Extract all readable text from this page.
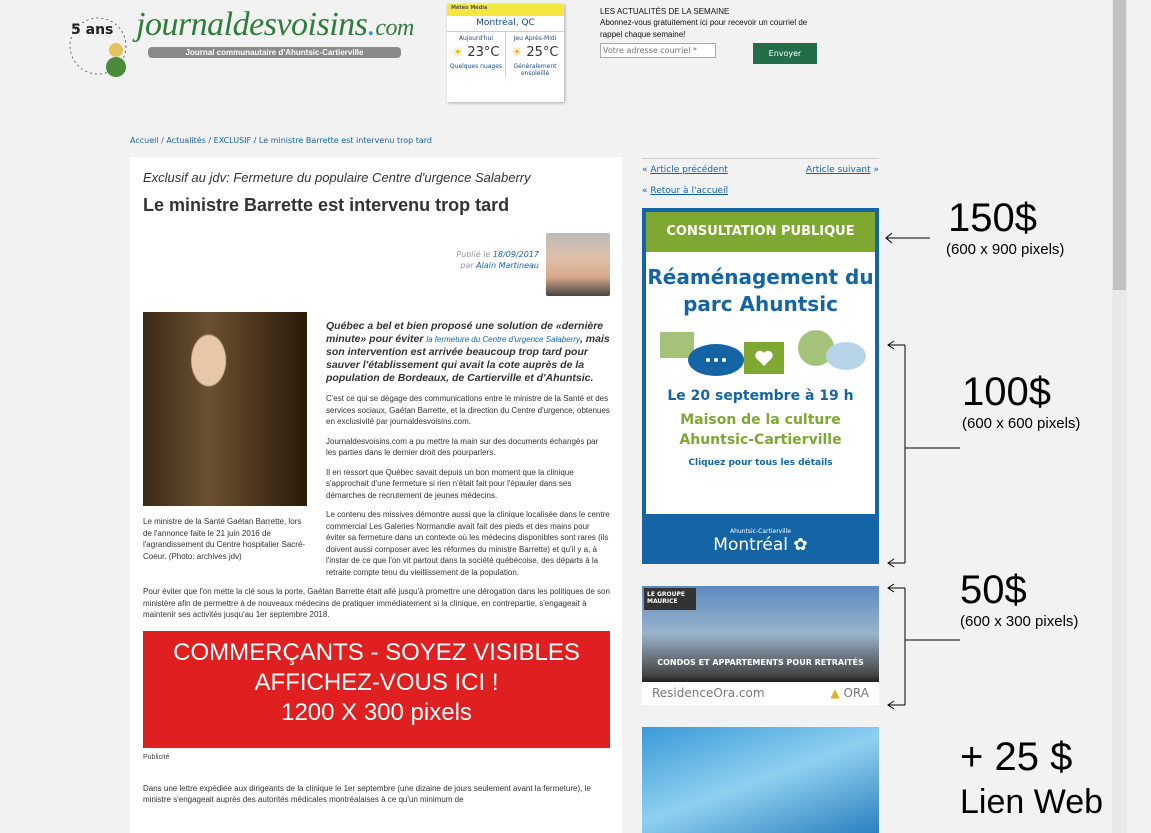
5 ans journaldesvoisins.com
Journal communautaire d'Ahuntsic-Cartierville
Météo Média
Montréal, QC
Aujourd'hui
☀ 23°C
Quelques nuages
Jeu Après-Midi
☀ 25°C
Généralement ensoleillé
LES ACTUALITÉS DE LA SEMAINE
Abonnez-vous gratuitement ici pour recevoir un courriel de rappel chaque semaine!
Votre adresse courriel *
Envoyer
Accueil / Actualités / EXCLUSIF / Le ministre Barrette est intervenu trop tard
Exclusif au jdv: Fermeture du populaire Centre d'urgence Salaberry
Le ministre Barrette est intervenu trop tard
Publié le 18/09/2017
par Alain Martineau
Le ministre de la Santé Gaétan Barrette, lors de l'annonce faite le 21 juin 2016 de l'agrandissement du Centre hospitalier Sacré-Coeur. (Photo: archives jdv)
Québec a bel et bien proposé une solution de «dernière minute» pour éviter la fermeture du Centre d'urgence Salaberry, mais son intervention est arrivée beaucoup trop tard pour sauver l'établissement qui avait la cote auprès de la population de Bordeaux, de Cartierville et d'Ahuntsic.

C'est ce qui se dégage des communications entre le ministre de la Santé et des services sociaux, Gaétan Barrette, et la direction du Centre d'urgence, obtenues en exclusivité par journaldesvoisins.com.

Journaldesvoisins.com a pu mettre la main sur des documents échangés par les parties dans le dernier droit des pourparlers.

Il en ressort que Québec savait depuis un bon moment que la clinique s'approchait d'une fermeture si rien n'était fait pour l'épauler dans ses démarches de recrutement de jeunes médecins.

Le contenu des missives démontre aussi que la clinique localisée dans le centre commercial Les Galeries Normandie avait fait des pieds et des mains pour éviter sa fermeture dans un contexte où les médecins disponibles sont rares (ils doivent aussi composer avec les réformes du ministre Barrette) et qu'il y a, à l'instar de ce que l'on vit partout dans la société québécoise, des départs à la retraite compte tenu du vieillissement de la population.

Pour éviter que l'on mette la clé sous la porte, Gaétan Barrette était allé jusqu'à promettre une dérogation dans les politiques de son ministère afin de permettre à de nouveaux médecins de pratiquer immédiatement si la clinique, en contrepartie, s'engageait à maintenir ses activités jusqu'au 1er septembre 2018.

COMMERÇANTS - SOYEZ VISIBLES
AFFICHEZ-VOUS ICI !
1200 X 300 pixels
Publicité

Dans une lettre expédiée aux dirigeants de la clinique le 1er septembre (une dizaine de jours seulement avant la fermeture), le ministre s'engageait auprès des autorités médicales montréalaises à ce qu'un minimum de

« Article précédent	Article suivant »
« Retour à l'accueil
CONSULTATION PUBLIQUE
Réaménagement du parc Ahuntsic
Le 20 septembre à 19 h
Maison de la culture Ahuntsic-Cartierville
Cliquez pour tous les détails
Ahuntsic-Cartierville
Montréal ✿
LE GROUPE MAURICE
CONDOS ET APPARTEMENTS POUR RETRAITÉS
ResidenceOra.com	▲ ORA
150$
(600 x 900 pixels)
100$
(600 x 600 pixels)
50$
(600 x 300 pixels)
+ 25 $
Lien Web
